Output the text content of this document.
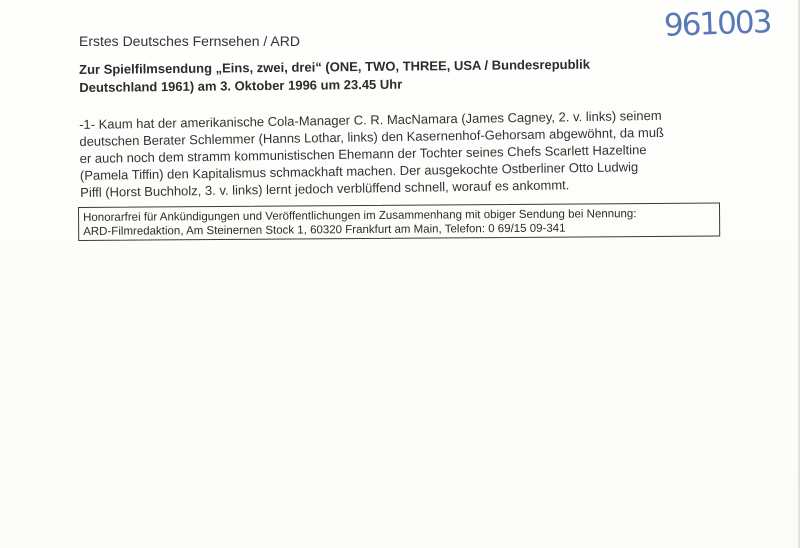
961003
Erstes Deutsches Fernsehen / ARD
Zur Spielfilmsendung „Eins, zwei, drei“ (ONE, TWO, THREE, USA / Bundesrepublik
Deutschland 1961) am 3. Oktober 1996 um 23.45 Uhr
-1- Kaum hat der amerikanische Cola-Manager C. R. MacNamara (James Cagney, 2. v. links) seinem
deutschen Berater Schlemmer (Hanns Lothar, links) den Kasernenhof-Gehorsam abgewöhnt, da muß
er auch noch dem stramm kommunistischen Ehemann der Tochter seines Chefs Scarlett Hazeltine
(Pamela Tiffin) den Kapitalismus schmackhaft machen. Der ausgekochte Ostberliner Otto Ludwig
Piffl (Horst Buchholz, 3. v. links) lernt jedoch verblüffend schnell, worauf es ankommt.
Honorarfrei für Ankündigungen und Veröffentlichungen im Zusammenhang mit obiger Sendung bei Nennung:
ARD-Filmredaktion, Am Steinernen Stock 1, 60320 Frankfurt am Main, Telefon: 0 69/15 09-341
